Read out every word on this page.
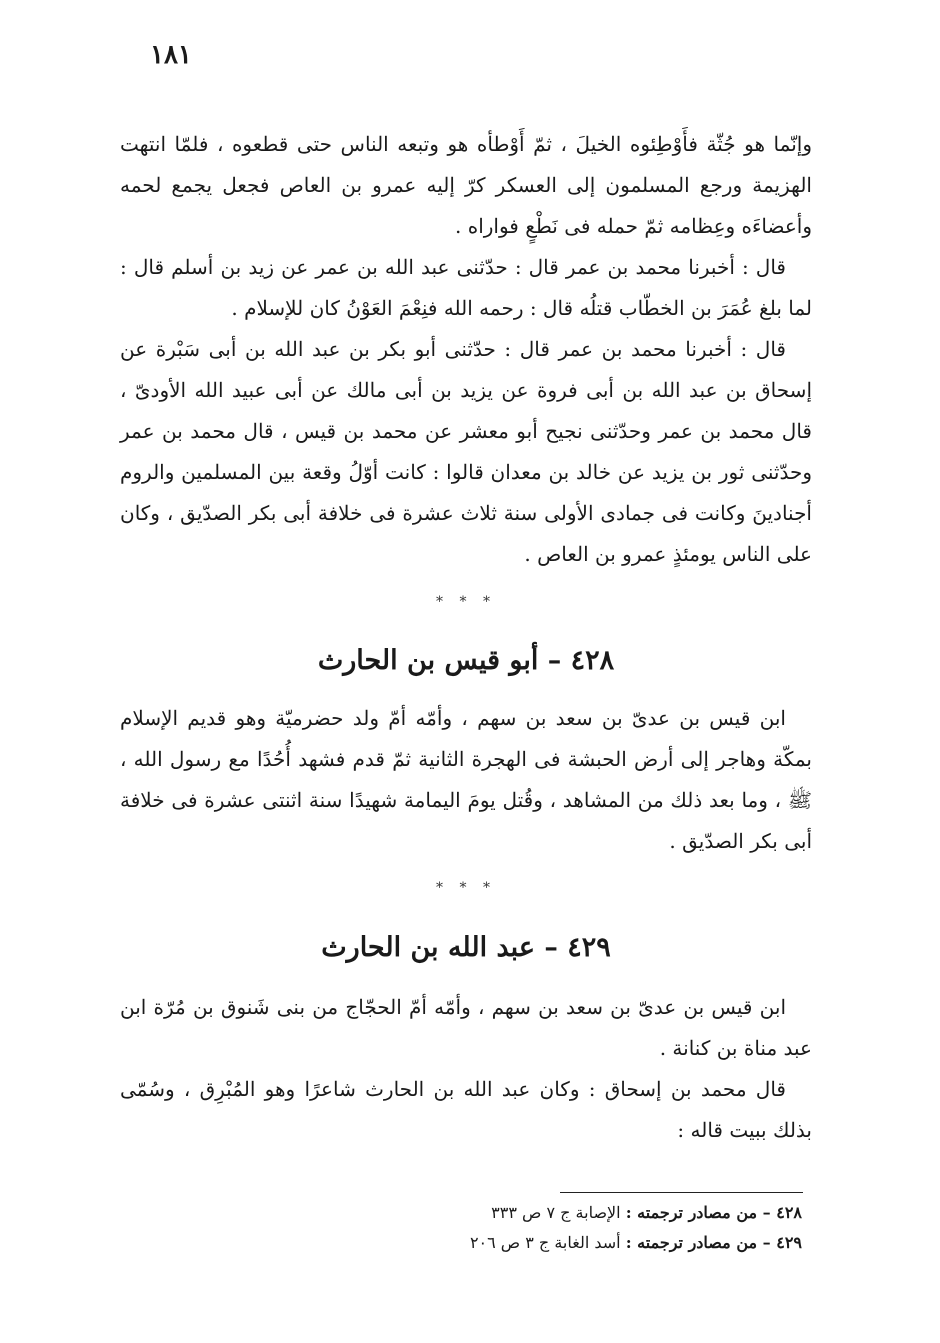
١٨١

وإنّما هو جُثّة فأَوْطِئوه الخيلَ ، ثمّ أَوْطأه هو وتبعه الناس حتى قطعوه ، فلمّا انتهت الهزيمة ورجع المسلمون إلى العسكر كرّ إليه عمرو بن العاص فجعل يجمع لحمه وأعضاءَه وعِظامه ثمّ حمله فى نَطْعٍ فواراه .

قال : أخبرنا محمد بن عمر قال : حدّثنى عبد الله بن عمر عن زيد بن أسلم قال : لما بلغ عُمَرَ بن الخطّاب قتلُه قال : رحمه الله فنِعْمَ العَوْنُ كان للإسلام .

قال : أخبرنا محمد بن عمر قال : حدّثنى أبو بكر بن عبد الله بن أبى سَبْرة عن إسحاق بن عبد الله بن أبى فروة عن يزيد بن أبى مالك عن أبى عبيد الله الأودىّ ، قال محمد بن عمر وحدّثنى نجيح أبو معشر عن محمد بن قيس ، قال محمد بن عمر وحدّثنى ثور بن يزيد عن خالد بن معدان قالوا : كانت أوّلُ وقعة بين المسلمين والروم أجنادينَ وكانت فى جمادى الأولى سنة ثلاث عشرة فى خلافة أبى بكر الصدّيق ، وكان على الناس يومئذٍ عمرو بن العاص .

* * *
٤٢٨ – أبو قيس بن الحارث

ابن قيس بن عدىّ بن سعد بن سهم ، وأمّه أمّ ولد حضرميّة وهو قديم الإسلام بمكّة وهاجر إلى أرض الحبشة فى الهجرة الثانية ثمّ قدم فشهد أُحُدًا مع رسول الله ، ﷺ ، وما بعد ذلك من المشاهد ، وقُتل يومَ اليمامة شهيدًا سنة اثنتى عشرة فى خلافة أبى بكر الصدّيق .

* * *
٤٢٩ – عبد الله بن الحارث

ابن قيس بن عدىّ بن سعد بن سهم ، وأمّه أمّ الحجّاج من بنى شَنوق بن مُرّة ابن عبد مناة بن كنانة .

قال محمد بن إسحاق : وكان عبد الله بن الحارث شاعرًا وهو المُبْرِق ، وسُمّى بذلك ببيت قاله :

٤٢٨ – من مصادر ترجمته : الإصابة ج ٧ ص ٣٣٣
٤٢٩ – من مصادر ترجمته : أسد الغابة ج ٣ ص ٢٠٦
